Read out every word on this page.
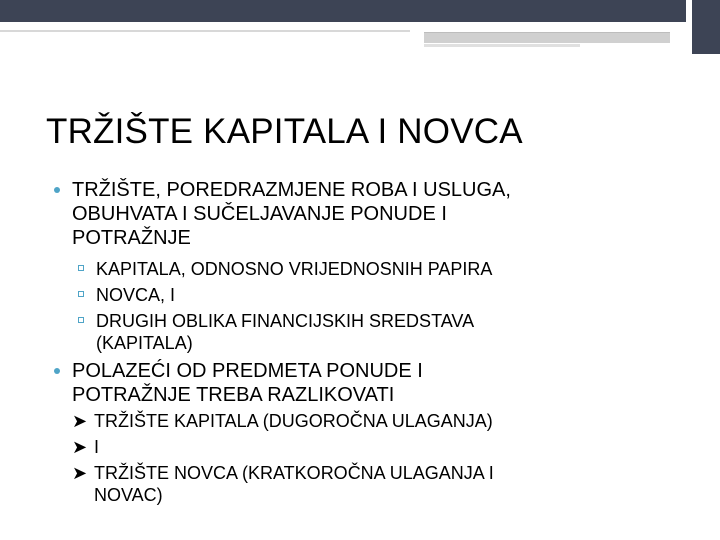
TRŽIŠTE KAPITALA I NOVCA
TRŽIŠTE, POREDRAZMJENE ROBA I USLUGA,
OBUHVATA I SUČELJAVANJE PONUDE I
POTRAŽNJE
KAPITALA, ODNOSNO VRIJEDNOSNIH PAPIRA
NOVCA, I
DRUGIH OBLIKA FINANCIJSKIH SREDSTAVA
(KAPITALA)
POLAZEĆI OD PREDMETA PONUDE I
POTRAŽNJE TREBA RAZLIKOVATI
➤ TRŽIŠTE KAPITALA (DUGOROČNA ULAGANJA)
➤ I
➤ TRŽIŠTE NOVCA (KRATKOROČNA ULAGANJA I
NOVAC)
